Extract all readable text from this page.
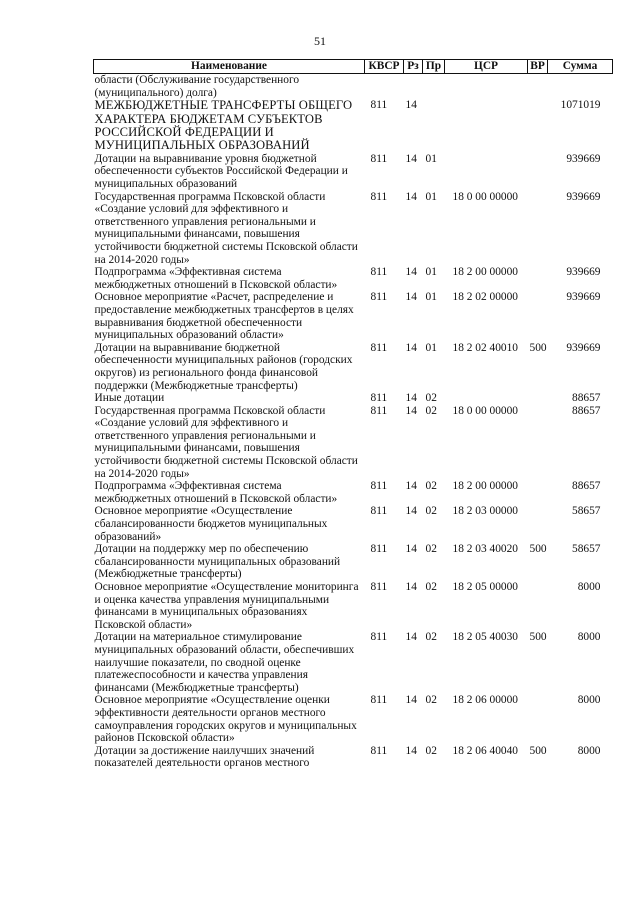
51
Наименование	КВСР	Рз	Пр	ЦСР	ВР	Сумма
области (Обслуживание государственного (муниципального) долга)						
МЕЖБЮДЖЕТНЫЕ ТРАНСФЕРТЫ ОБЩЕГО ХАРАКТЕРА БЮДЖЕТАМ СУБЪЕКТОВ РОССИЙСКОЙ ФЕДЕРАЦИИ И МУНИЦИПАЛЬНЫХ ОБРАЗОВАНИЙ	811	14				1071019
Дотации на выравнивание уровня бюджетной обеспеченности субъектов Российской Федерации и муниципальных образований	811	14	01			939669
Государственная программа Псковской области «Создание условий для эффективного и ответственного управления региональными и муниципальными финансами, повышения устойчивости бюджетной системы Псковской области на 2014-2020 годы»	811	14	01	18 0 00 00000		939669
Подпрограмма «Эффективная система межбюджетных отношений в Псковской области»	811	14	01	18 2 00 00000		939669
Основное мероприятие «Расчет, распределение и предоставление межбюджетных трансфертов в целях выравнивания бюджетной обеспеченности муниципальных образований области»	811	14	01	18 2 02 00000		939669
Дотации на выравнивание бюджетной обеспеченности муниципальных районов (городских округов) из регионального фонда финансовой поддержки (Межбюджетные трансферты)	811	14	01	18 2 02 40010	500	939669
Иные дотации	811	14	02			88657
Государственная программа Псковской области «Создание условий для эффективного и ответственного управления региональными и муниципальными финансами, повышения устойчивости бюджетной системы Псковской области на 2014-2020 годы»	811	14	02	18 0 00 00000		88657
Подпрограмма «Эффективная система межбюджетных отношений в Псковской области»	811	14	02	18 2 00 00000		88657
Основное мероприятие «Осуществление сбалансированности бюджетов муниципальных образований»	811	14	02	18 2 03 00000		58657
Дотации на поддержку мер по обеспечению сбалансированности муниципальных образований (Межбюджетные трансферты)	811	14	02	18 2 03 40020	500	58657
Основное мероприятие «Осуществление мониторинга и оценка качества управления муниципальными финансами в муниципальных образованиях Псковской области»	811	14	02	18 2 05 00000		8000
Дотации на материальное стимулирование муниципальных образований области, обеспечивших наилучшие показатели, по сводной оценке платежеспособности и качества управления финансами (Межбюджетные трансферты)	811	14	02	18 2 05 40030	500	8000
Основное мероприятие «Осуществление оценки эффективности деятельности органов местного самоуправления городских округов и муниципальных районов Псковской области»	811	14	02	18 2 06 00000		8000
Дотации за достижение наилучших значений показателей деятельности органов местного	811	14	02	18 2 06 40040	500	8000
